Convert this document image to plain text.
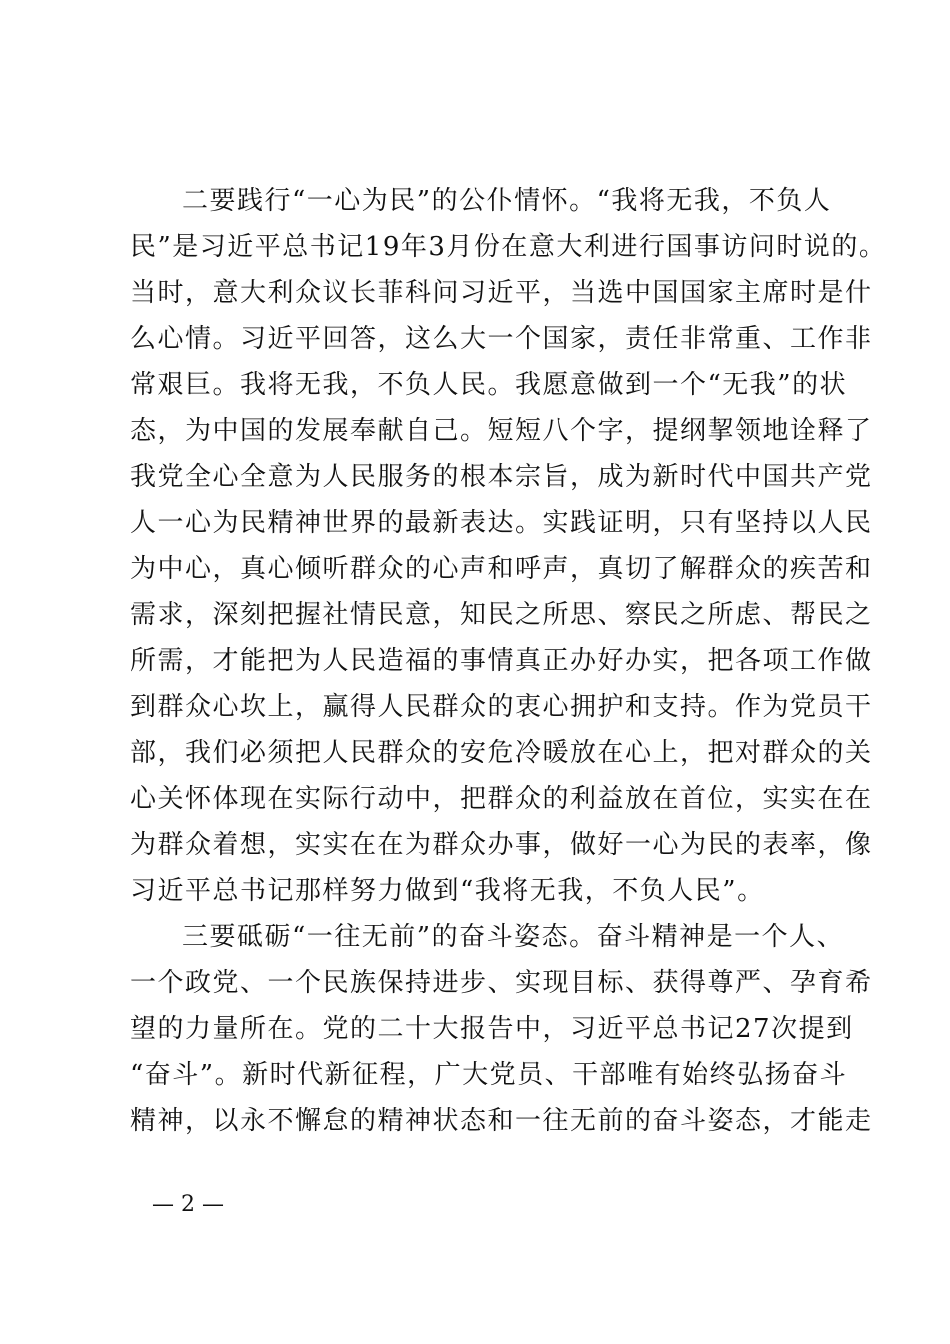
二要践行“一心为民”的公仆情怀。“我将无我，不负人
民”是习近平总书记19年3月份在意大利进行国事访问时说的。
当时，意大利众议长菲科问习近平，当选中国国家主席时是什
么心情。习近平回答，这么大一个国家，责任非常重、工作非
常艰巨。我将无我，不负人民。我愿意做到一个“无我”的状
态，为中国的发展奉献自己。短短八个字，提纲挈领地诠释了
我党全心全意为人民服务的根本宗旨，成为新时代中国共产党
人一心为民精神世界的最新表达。实践证明，只有坚持以人民
为中心，真心倾听群众的心声和呼声，真切了解群众的疾苦和
需求，深刻把握社情民意，知民之所思、察民之所虑、帮民之
所需，才能把为人民造福的事情真正办好办实，把各项工作做
到群众心坎上，赢得人民群众的衷心拥护和支持。作为党员干
部，我们必须把人民群众的安危冷暖放在心上，把对群众的关
心关怀体现在实际行动中，把群众的利益放在首位，实实在在
为群众着想，实实在在为群众办事，做好一心为民的表率，像
习近平总书记那样努力做到“我将无我，不负人民”。
三要砥砺“一往无前”的奋斗姿态。奋斗精神是一个人、
一个政党、一个民族保持进步、实现目标、获得尊严、孕育希
望的力量所在。党的二十大报告中，习近平总书记27次提到
“奋斗”。新时代新征程，广大党员、干部唯有始终弘扬奋斗
精神，以永不懈怠的精神状态和一往无前的奋斗姿态，才能走
— 2 —
